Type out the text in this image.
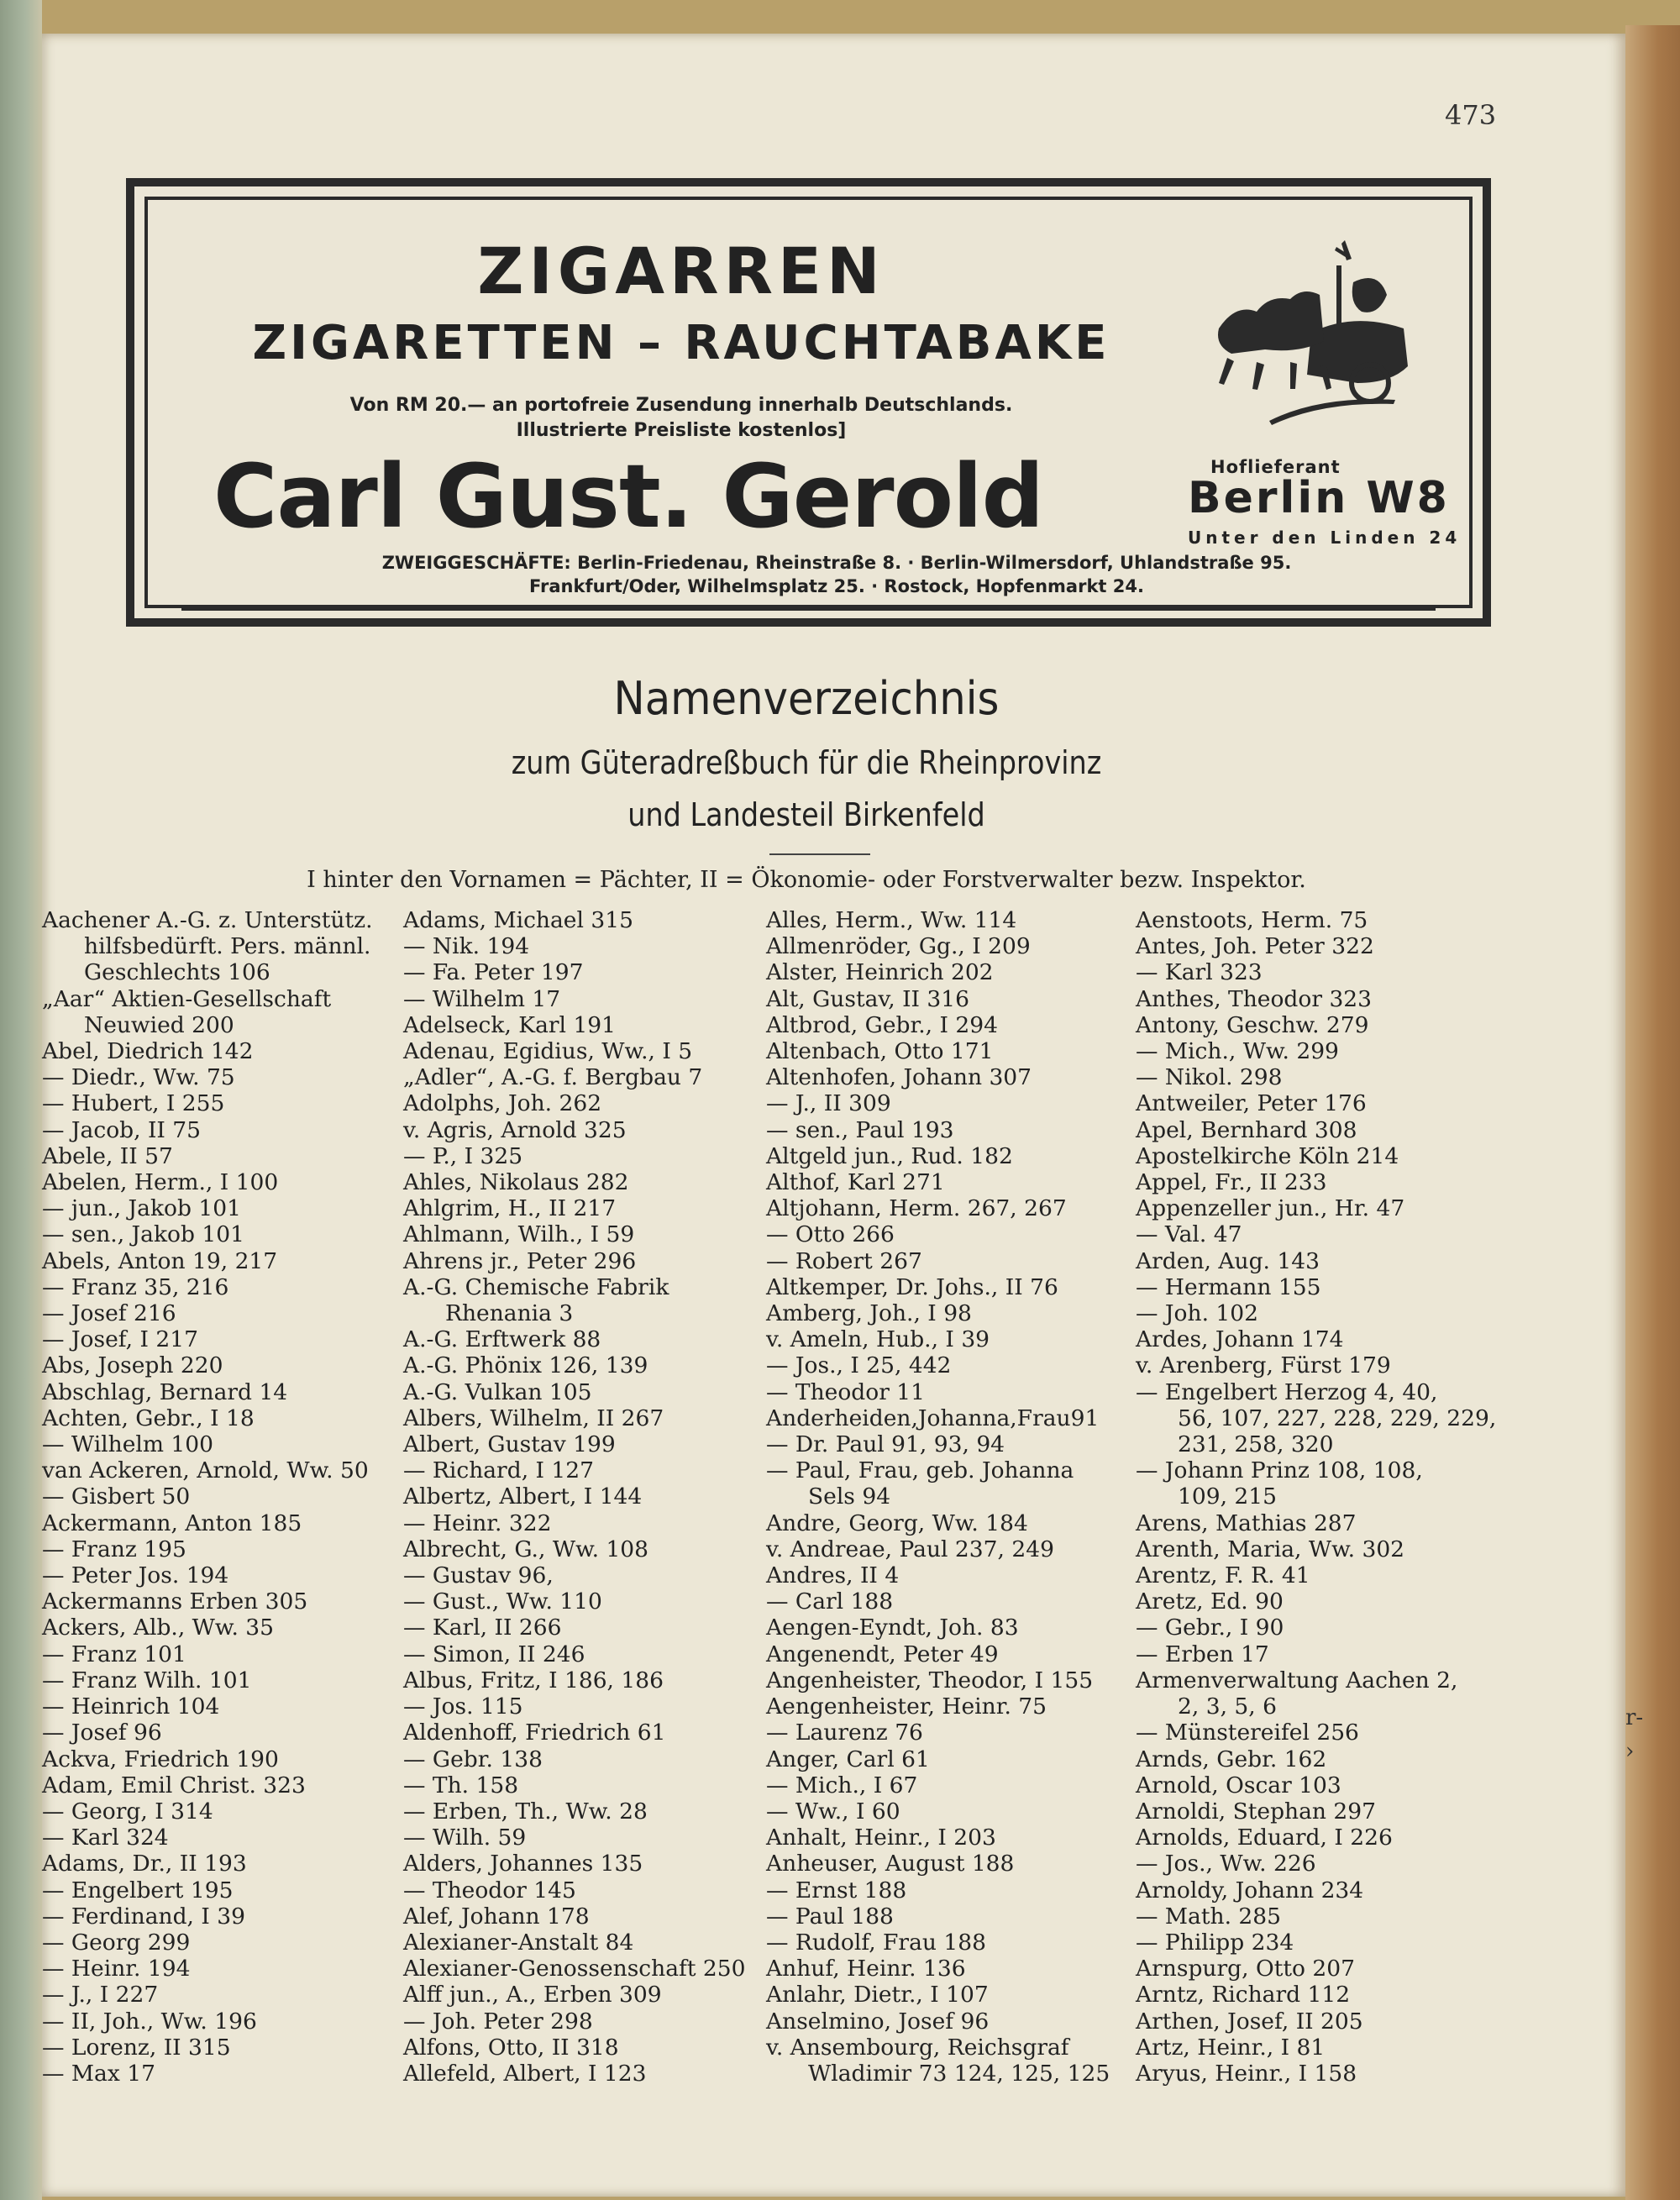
473
ZIGARREN
ZIGARETTEN – RAUCHTABAKE
Von RM 20.— an portofreie Zusendung innerhalb Deutschlands.
Illustrierte Preisliste kostenlos]
Carl Gust. Gerold	Hoflieferant
Berlin W8
Unter den Linden 24
ZWEIGGESCHÄFTE: Berlin-Friedenau, Rheinstraße 8. · Berlin-Wilmersdorf, Uhlandstraße 95.
Frankfurt/Oder, Wilhelmsplatz 25. · Rostock, Hopfenmarkt 24.
Namenverzeichnis
zum Güteradreßbuch für die Rheinprovinz
und Landesteil Birkenfeld
I hinter den Vornamen = Pächter, II = Ökonomie- oder Forstverwalter bezw. Inspektor.
Aachener A.-G. z. Unterstütz.
hilfsbedürft. Pers. männl.
Geschlechts 106
„Aar“ Aktien-Gesellschaft
Neuwied 200
Abel, Diedrich 142
— Diedr., Ww. 75
— Hubert, I 255
— Jacob, II 75
Abele, II 57
Abelen, Herm., I 100
— jun., Jakob 101
— sen., Jakob 101
Abels, Anton 19, 217
— Franz 35, 216
— Josef 216
— Josef, I 217
Abs, Joseph 220
Abschlag, Bernard 14
Achten, Gebr., I 18
— Wilhelm 100
van Ackeren, Arnold, Ww. 50
— Gisbert 50
Ackermann, Anton 185
— Franz 195
— Peter Jos. 194
Ackermanns Erben 305
Ackers, Alb., Ww. 35
— Franz 101
— Franz Wilh. 101
— Heinrich 104
— Josef 96
Ackva, Friedrich 190
Adam, Emil Christ. 323
— Georg, I 314
— Karl 324
Adams, Dr., II 193
— Engelbert 195
— Ferdinand, I 39
— Georg 299
— Heinr. 194
— J., I 227
— II, Joh., Ww. 196
— Lorenz, II 315
— Max 17
Adams, Michael 315
— Nik. 194
— Fa. Peter 197
— Wilhelm 17
Adelseck, Karl 191
Adenau, Egidius, Ww., I 5
„Adler“, A.-G. f. Bergbau 7
Adolphs, Joh. 262
v. Agris, Arnold 325
— P., I 325
Ahles, Nikolaus 282
Ahlgrim, H., II 217
Ahlmann, Wilh., I 59
Ahrens jr., Peter 296
A.-G. Chemische Fabrik
Rhenania 3
A.-G. Erftwerk 88
A.-G. Phönix 126, 139
A.-G. Vulkan 105
Albers, Wilhelm, II 267
Albert, Gustav 199
— Richard, I 127
Albertz, Albert, I 144
— Heinr. 322
Albrecht, G., Ww. 108
— Gustav 96,
— Gust., Ww. 110
— Karl, II 266
— Simon, II 246
Albus, Fritz, I 186, 186
— Jos. 115
Aldenhoff, Friedrich 61
— Gebr. 138
— Th. 158
— Erben, Th., Ww. 28
— Wilh. 59
Alders, Johannes 135
— Theodor 145
Alef, Johann 178
Alexianer-Anstalt 84
Alexianer-Genossenschaft 250
Alff jun., A., Erben 309
— Joh. Peter 298
Alfons, Otto, II 318
Allefeld, Albert, I 123
Alles, Herm., Ww. 114
Allmenröder, Gg., I 209
Alster, Heinrich 202
Alt, Gustav, II 316
Altbrod, Gebr., I 294
Altenbach, Otto 171
Altenhofen, Johann 307
— J., II 309
— sen., Paul 193
Altgeld jun., Rud. 182
Althof, Karl 271
Altjohann, Herm. 267, 267
— Otto 266
— Robert 267
Altkemper, Dr. Johs., II 76
Amberg, Joh., I 98
v. Ameln, Hub., I 39
— Jos., I 25, 442
— Theodor 11
Anderheiden,Johanna,Frau91
— Dr. Paul 91, 93, 94
— Paul, Frau, geb. Johanna
Sels 94
Andre, Georg, Ww. 184
v. Andreae, Paul 237, 249
Andres, II 4
— Carl 188
Aengen-Eyndt, Joh. 83
Angenendt, Peter 49
Angenheister, Theodor, I 155
Aengenheister, Heinr. 75
— Laurenz 76
Anger, Carl 61
— Mich., I 67
— Ww., I 60
Anhalt, Heinr., I 203
Anheuser, August 188
— Ernst 188
— Paul 188
— Rudolf, Frau 188
Anhuf, Heinr. 136
Anlahr, Dietr., I 107
Anselmino, Josef 96
v. Ansembourg, Reichsgraf
Wladimir 73 124, 125, 125
Aenstoots, Herm. 75
Antes, Joh. Peter 322
— Karl 323
Anthes, Theodor 323
Antony, Geschw. 279
— Mich., Ww. 299
— Nikol. 298
Antweiler, Peter 176
Apel, Bernhard 308
Apostelkirche Köln 214
Appel, Fr., II 233
Appenzeller jun., Hr. 47
— Val. 47
Arden, Aug. 143
— Hermann 155
— Joh. 102
Ardes, Johann 174
v. Arenberg, Fürst 179
— Engelbert Herzog 4, 40,
56, 107, 227, 228, 229, 229,
231, 258, 320
— Johann Prinz 108, 108,
109, 215
Arens, Mathias 287
Arenth, Maria, Ww. 302
Arentz, F. R. 41
Aretz, Ed. 90
— Gebr., I 90
— Erben 17
Armenverwaltung Aachen 2,
2, 3, 5, 6
— Münstereifel 256
Arnds, Gebr. 162
Arnold, Oscar 103
Arnoldi, Stephan 297
Arnolds, Eduard, I 226
— Jos., Ww. 226
Arnoldy, Johann 234
— Math. 285
— Philipp 234
Arnspurg, Otto 207
Arntz, Richard 112
Arthen, Josef, II 205
Artz, Heinr., I 81
Aryus, Heinr., I 158
r-
›
